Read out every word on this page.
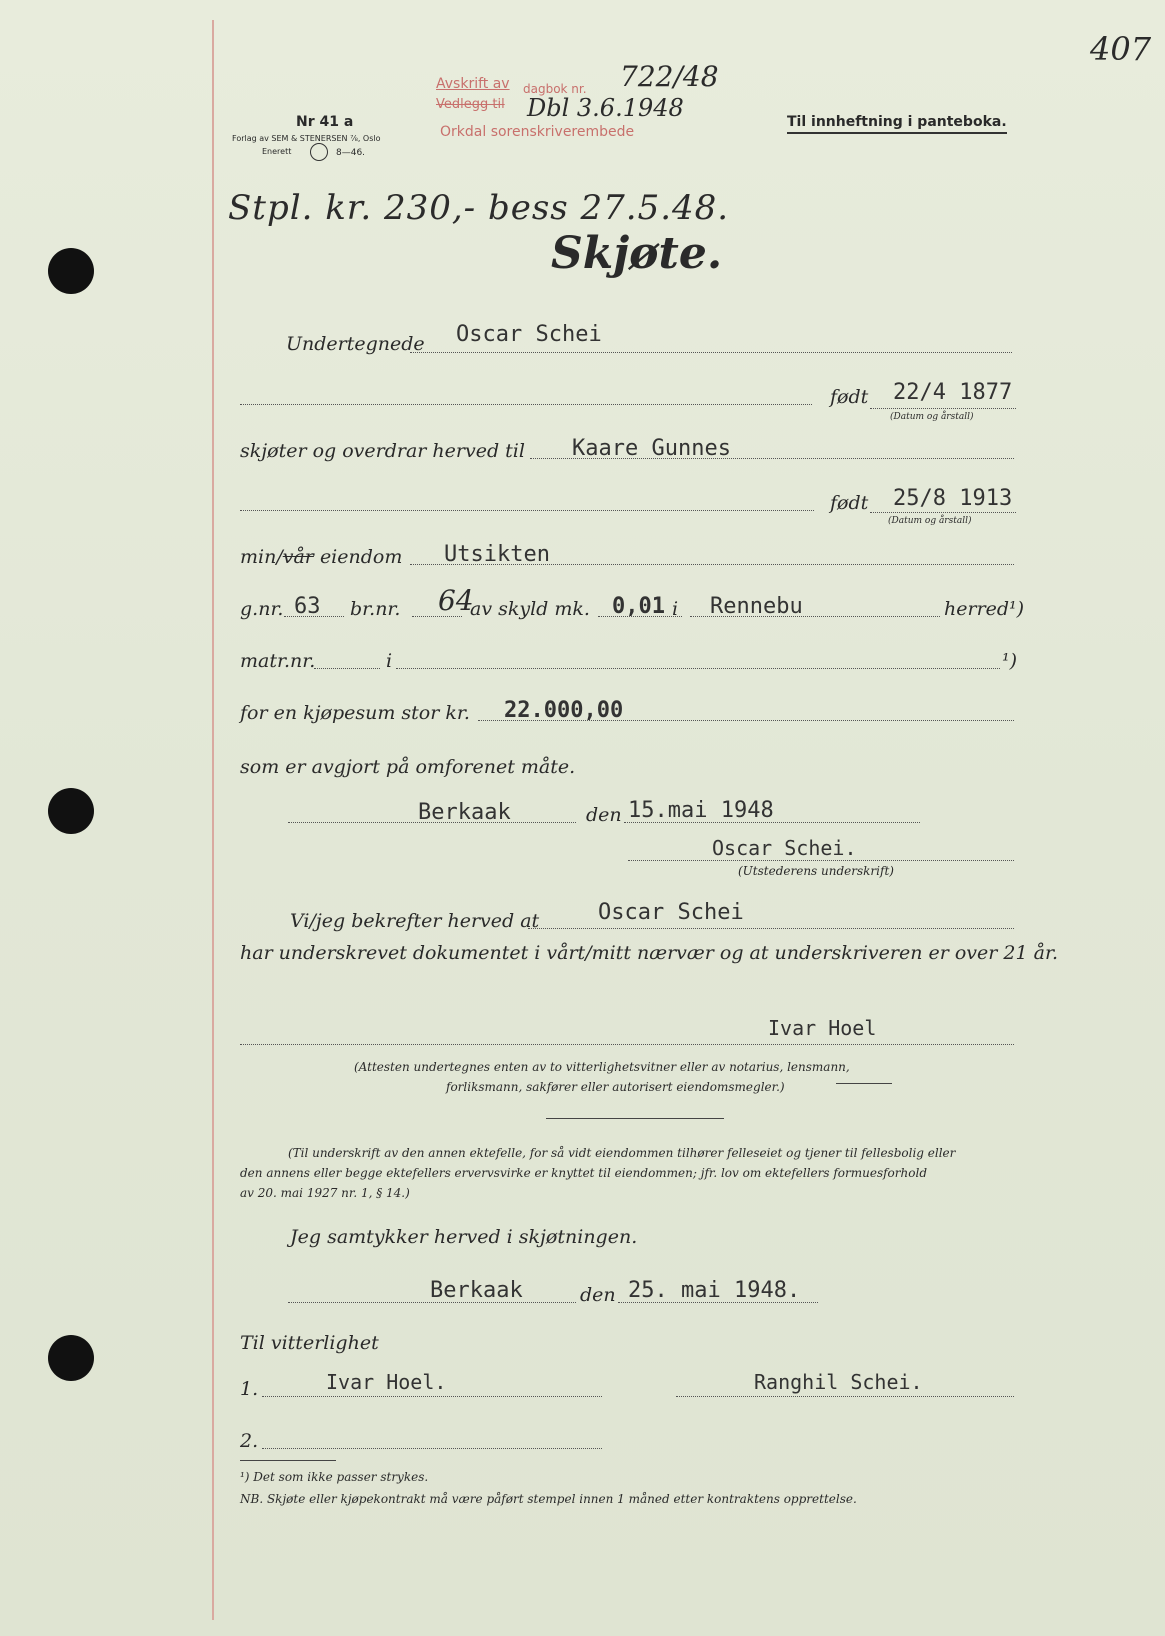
Nr 41 a
Forlag av SEM & STENERSEN ⅞, Oslo
Enerett	8—46.
Avskrift av dagbok nr.
Vedlegg til
Orkdal sorenskriverembede
722/48
Dbl 3.6.1948	Til innheftning i panteboka.
407
Stpl. kr. 230,- bess 27.5.48.
Skjøte.
Undertegnede Oscar Schei
født 22/4 1877
(Datum og årstall)
skjøter og overdrar herved til Kaare Gunnes
født 25/8 1913
(Datum og årstall)
min/vår eiendom Utsikten
g.nr. 63 br.nr. 64
av skyld mk. 0,01 i Rennebu	herred¹)
matr.nr.	i	¹)
for en kjøpesum stor kr. 22.000,00
som er avgjort på omforenet måte.
Berkaak	den 15.mai 1948
Oscar Schei.
(Utstederens underskrift)
Vi/jeg bekrefter herved at	Oscar Schei
har underskrevet dokumentet i vårt/mitt nærvær og at underskriveren er over 21 år.
Ivar Hoel
(Attesten undertegnes enten av to vitterlighetsvitner eller av notarius, lensmann,
forliksmann, sakfører eller autorisert eiendomsmegler.)
(Til underskrift av den annen ektefelle, for så vidt eiendommen tilhører felleseiet og tjener til fellesbolig eller
den annens eller begge ektefellers ervervsvirke er knyttet til eiendommen; jfr. lov om ektefellers formuesforhold
av 20. mai 1927 nr. 1, § 14.)
Jeg samtykker herved i skjøtningen.
Berkaak	den 25. mai 1948.
Til vitterlighet
1.	Ivar Hoel.	Ranghil Schei.
2.
¹) Det som ikke passer strykes.
NB. Skjøte eller kjøpekontrakt må være påført stempel innen 1 måned etter kontraktens opprettelse.
